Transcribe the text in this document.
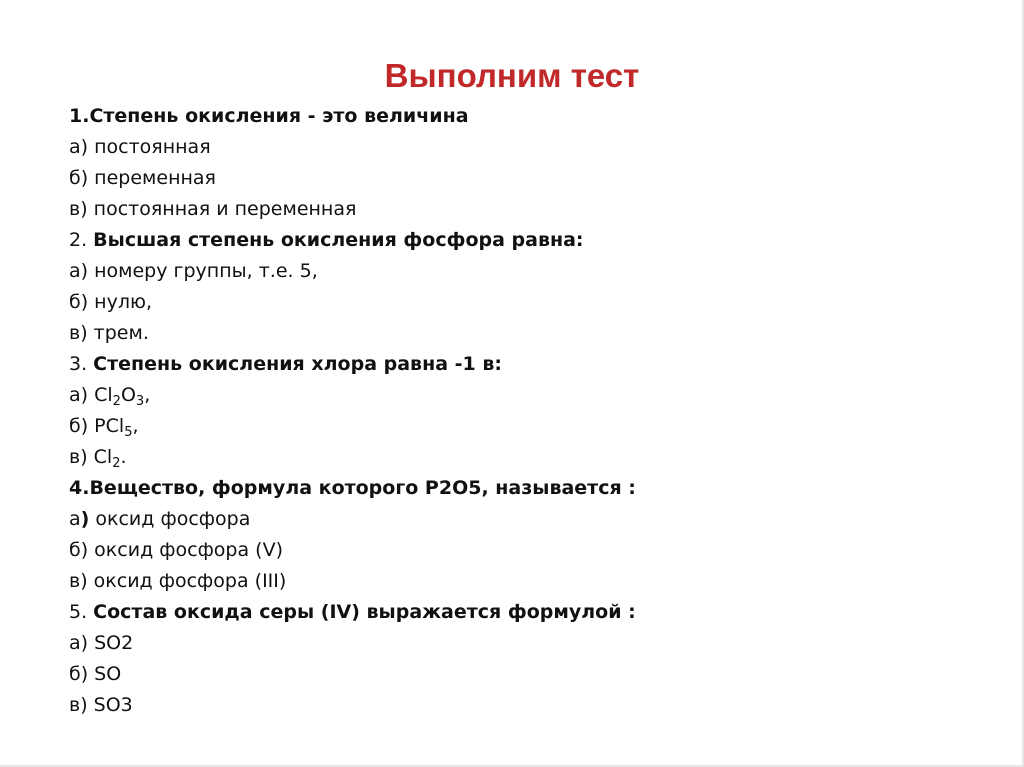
Выполним тест
1.Степень окисления - это величина
а) постоянная
б) переменная
в) постоянная и переменная
2. Высшая степень окисления фосфора равна:
а) номеру группы, т.е. 5,
б) нулю,
в) трем.
3. Степень окисления хлора равна -1 в:
а) $Cl_2O_3$,
б) PCl$_5$,
в) $Cl_2$.
4.Вещество, формула которого Р2О5, называется :
а) оксид фосфора
б) оксид фосфора (V)
в) оксид фосфора (III)
5. Состав оксида серы (IV) выражается формулой :
а) SO2
б) SO
в) SO3
